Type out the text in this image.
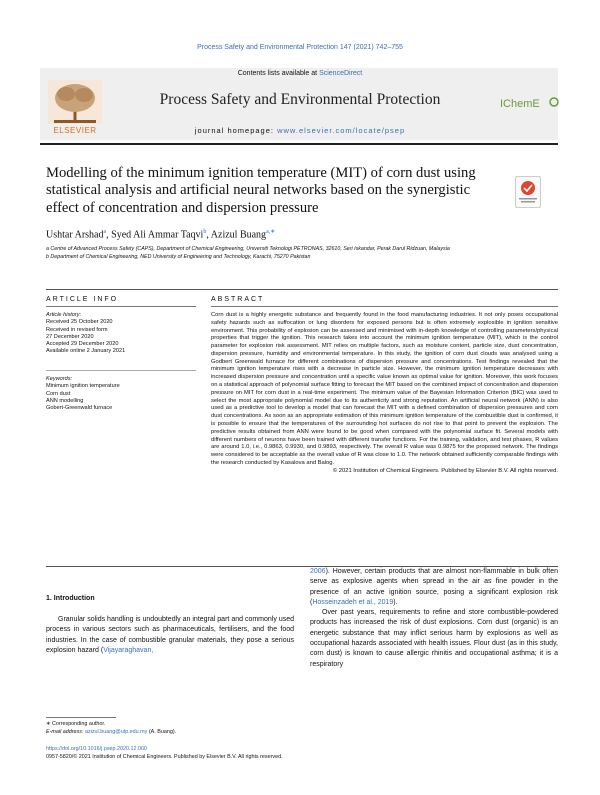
Process Safety and Environmental Protection 147 (2021) 742–755
ELSEVIER
Contents lists available at ScienceDirect
Process Safety and Environmental Protection
journal homepage: www.elsevier.com/locate/psep
IChemE
Modelling of the minimum ignition temperature (MIT) of corn dust using statistical analysis and artificial neural networks based on the synergistic effect of concentration and dispersion pressure
Ushtar Arshad$^a$, Syed Ali Ammar Taqvi$^b$, Azizul Buang$^{a,∗}$
a Centre of Advanced Process Safety (CAPS), Department of Chemical Engineering, Universiti Teknologi PETRONAS, 32610, Seri Iskandar, Perak Darul Ridzuan, Malaysia
b Department of Chemical Engineering, NED University of Engineering and Technology, Karachi, 75270 Pakistan
ARTICLE INFO	ABSTRACT
Article history:
Received 25 October 2020
Received in revised form
27 December 2020
Accepted 29 December 2020
Available online 2 January 2021
Keywords:
Minimum ignition temperature
Corn dust
ANN modelling
Gobert-Greenwald furnace
Corn dust is a highly energetic substance and frequently found in the food manufacturing industries. It not only poses occupational safety hazards such as suffocation or lung disorders for exposed persons but is often extremely explosible in ignition sensitive environment. This probability of explosion can be assessed and minimised with in-depth knowledge of controlling parameters/physical properties that trigger the ignition. This research takes into account the minimum ignition temperature (MIT), which is the control parameter for explosion risk assessment. MIT relies on multiple factors, such as moisture content, particle size, dust concentration, dispersion pressure, humidity and environmental temperature. In this study, the ignition of corn dust clouds was analysed using a Godbert Greenwald furnace for different combinations of dispersion pressure and concentrations. Test findings revealed that the minimum ignition temperature rises with a decrease in particle size. However, the minimum ignition temperature decreases with increased dispersion pressure and concentration until a specific value known as optimal value for ignition. Moreover, this work focuses on a statistical approach of polynomial surface fitting to forecast the MIT based on the combined impact of concentration and dispersion pressure on MIT for corn dust in a real-time experiment. The minimum value of the Bayesian Information Criterion (BIC) was used to select the most appropriate polynomial model due to its authenticity and strong reputation. An artificial neural network (ANN) is also used as a predictive tool to develop a model that can forecast the MIT with a defined combination of dispersion pressures and corn dust concentrations. As soon as an appropriate estimation of this minimum ignition temperature of the combustible dust is confirmed, it is possible to ensure that the temperatures of the surrounding hot surfaces do not rise to that point to prevent the explosion. The predictive results obtained from ANN were found to be good when compared with the polynomial surface fit. Several models with different numbers of neurons have been trained with different transfer functions. For the training, validation, and test phases, R values are around 1.0, i.e., 0.9863, 0.9930, and 0.9893, respectively. The overall R value was 0.9875 for the proposed network. The findings were considered to be acceptable as the overall value of R was close to 1.0. The network obtained sufficiently comparable findings with the research conducted by Kasalova and Balog.
© 2021 Institution of Chemical Engineers. Published by Elsevier B.V. All rights reserved.
1. Introduction
Granular solids handling is undoubtedly an integral part and commonly used process in various sectors such as pharmaceuticals, fertilisers, and the food industries. In the case of combustible granular materials, they pose a serious explosion hazard (Vijayaraghavan,

2006). However, certain products that are almost non-flammable in bulk often serve as explosive agents when spread in the air as fine powder in the presence of an active ignition source, posing a significant explosion risk (Hosseinzadeh et al., 2019).

Over past years, requirements to refine and store combustible-powdered products has increased the risk of dust explosions. Corn dust (organic) is an energetic substance that may inflict serious harm by explosions as well as occupational hazards associated with health issues. Flour dust (as in this study, corn dust) is known to cause allergic rhinitis and occupational asthma; it is a respiratory

∗ Corresponding author.
E-mail address: azizul.buang@utp.edu.my (A. Buang).
https://doi.org/10.1016/j.psep.2020.12.060
0957-5820/© 2021 Institution of Chemical Engineers. Published by Elsevier B.V. All rights reserved.
